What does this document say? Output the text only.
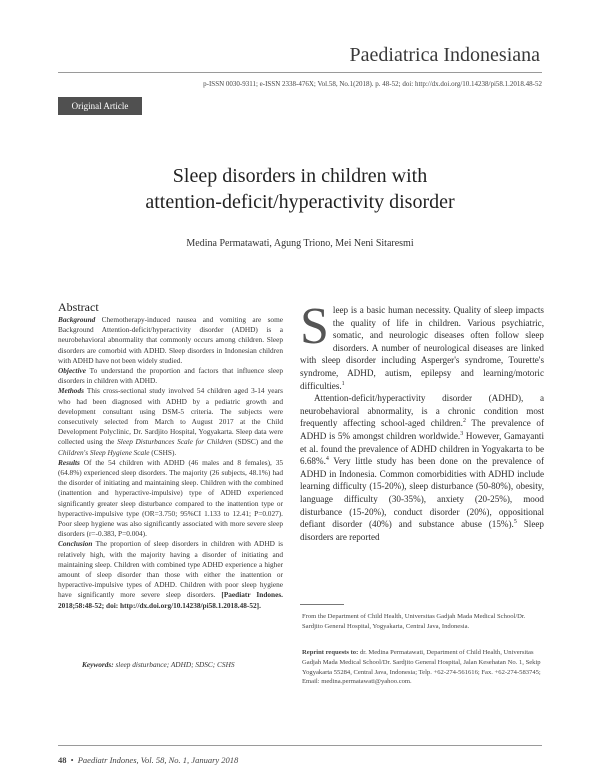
Paediatrica Indonesiana
p-ISSN 0030-9311; e-ISSN 2338-476X; Vol.58, No.1(2018). p. 48-52; doi: http://dx.doi.org/10.14238/pi58.1.2018.48-52
Original Article
Sleep disorders in children with
attention-deficit/hyperactivity disorder
Medina Permatawati, Agung Triono, Mei Neni Sitaresmi
Abstract

Background Chemotherapy-induced nausea and vomiting are some Background Attention-deficit/hyperactivity disorder (ADHD) is a neurobehavioral abnormality that commonly occurs among children. Sleep disorders are comorbid with ADHD. Sleep disorders in Indonesian children with ADHD have not been widely studied.

Objective To understand the proportion and factors that influence sleep disorders in children with ADHD.

Methods This cross-sectional study involved 54 children aged 3-14 years who had been diagnosed with ADHD by a pediatric growth and development consultant using DSM-5 criteria. The subjects were consecutively selected from March to August 2017 at the Child Development Polyclinic, Dr. Sardjito Hospital, Yogyakarta. Sleep data were collected using the Sleep Disturbances Scale for Children (SDSC) and the Children's Sleep Hygiene Scale (CSHS).

Results Of the 54 children with ADHD (46 males and 8 females), 35 (64.8%) experienced sleep disorders. The majority (26 subjects, 48.1%) had the disorder of initiating and maintaining sleep. Children with the combined (inattention and hyperactive-impulsive) type of ADHD experienced significantly greater sleep disturbance compared to the inattention type or hyperactive-impulsive type (OR=3.750; 95%CI 1.133 to 12.41; P=0.027). Poor sleep hygiene was also significantly associated with more severe sleep disorders (r=-0.383, P=0.004).

Conclusion The proportion of sleep disorders in children with ADHD is relatively high, with the majority having a disorder of initiating and maintaining sleep. Children with combined type ADHD experience a higher amount of sleep disorder than those with either the inattention or hyperactive-impulsive types of ADHD. Children with poor sleep hygiene have significantly more severe sleep disorders. [Paediatr Indones. 2018;58:48-52; doi: http://dx.doi.org/10.14238/pi58.1.2018.48-52].

Keywords: sleep disturbance; ADHD; SDSC; CSHS

Sleep is a basic human necessity. Quality of sleep impacts the quality of life in children. Various psychiatric, somatic, and neurologic diseases often follow sleep disorders. A number of neurological diseases are linked with sleep disorder including Asperger's syndrome, Tourette's syndrome, ADHD, autism, epilepsy and learning/motoric difficulties.$^1$

Attention-deficit/hyperactivity disorder (ADHD), a neurobehavioral abnormality, is a chronic condition most frequently affecting school-aged children.$^2$ The prevalence of ADHD is 5% amongst children worldwide.$^3$ However, Gamayanti et al. found the prevalence of ADHD children in Yogyakarta to be 6.68%.$^4$ Very little study has been done on the prevalence of ADHD in Indonesia. Common comorbidities with ADHD include learning difficulty (15-20%), sleep disturbance (50-80%), obesity, language difficulty (30-35%), anxiety (20-25%), mood disturbance (15-20%), conduct disorder (20%), oppositional defiant disorder (40%) and substance abuse (15%).$^5$ Sleep disorders are reported

From the Department of Child Health, Universitas Gadjah Mada Medical School/Dr. Sardjito General Hospital, Yogyakarta, Central Java, Indonesia.
Reprint requests to: dr. Medina Permatawati, Department of Child Health, Universitas Gadjah Mada Medical School/Dr. Sardjito General Hospital, Jalan Kesehatan No. 1, Sekip Yogyakarta 55284, Central Java, Indonesia; Telp. +62-274-561616; Fax. +62-274-583745; Email: medina.permatawati@yahoo.com.
48 • Paediatr Indones, Vol. 58, No. 1, January 2018
